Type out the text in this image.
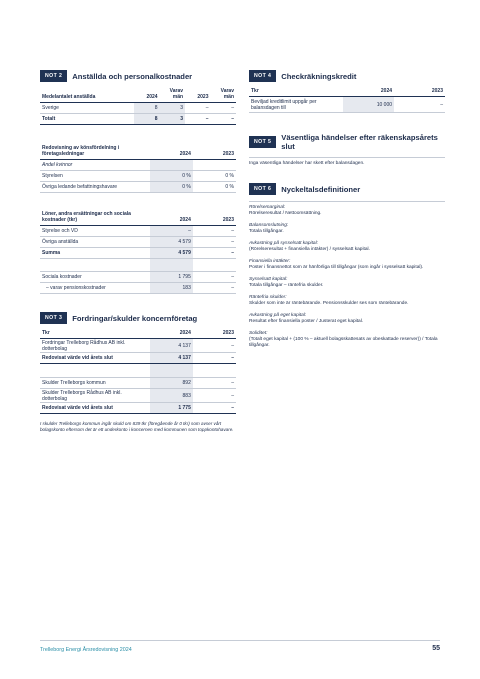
NOT 2	Anställda och personalkostnader
Medelantalet anställda	2024	Varav män	2023	Varav män
Sverige	8	3	–	–
Totalt	8	3	–	–
Redovisning av könsfördelning i företagsledningar	2024	2023
Andel kvinnor		
Styrelsen	0 %	0 %
Övriga ledande befattningshavare	0 %	0 %
Löner, andra ersättningar och sociala kostnader (tkr)	2024	2023
Styrelse och VD	–	–
Övriga anställda	4 579	–
Summa	4 579	–

Sociala kostnader	1 795	–
– varav pensionskostnader	183	–
NOT 3	Fordringar/skulder koncernföretag
Tkr	2024	2023
Fordringar Trelleborg Rådhus AB inkl. dotterbolag	4 137	–
Redovisat värde vid årets slut	4 137	–

Skulder Trelleborgs kommun	892	–
Skulder Trelleborgs Rådhus AB inkl. dotterbolag	883	–
Redovisat värde vid årets slut	1 775	–
I skulder Trelleborgs kommun ingår skuld om 839 tkr (föregående år 0 tkr) som avser vårt bolagskonto eftersom det är ett underkonto i koncernen med kommunen som toppkontohavare.
NOT 4	Checkräkningskredit
Tkr	2024	2023
Beviljad kreditlimit uppgår per balansdagen till	10 000	–
NOT 5	Väsentliga händelser efter räkenskapsårets slut
Inga väsentliga händelser har skett efter balansdagen.
NOT 6	Nyckeltalsdefinitioner
Rörelsemarginal:
Rörelseresultat / Nettoomsättning.
Balansomslutning:
Totala tillgångar.
Avkastning på sysselsatt kapital:
(Rörelseresultat + finansiella intäkter) / sysselsatt kapital.
Finansiella intäkter:
Poster i finansnettot som är hänförliga till tillgångar (som ingår i sysselsatt kapital).
Sysselsatt kapital:
Totala tillgångar – räntefria skulder.
Räntefria skulder:
Skulder som inte är räntebärande. Pensionsskulder ses som räntebärande.
Avkastning på eget kapital:
Resultat efter finansiella poster / Justerat eget kapital.
Soliditet:
(Totalt eget kapital + (100 % – aktuell bolagsskattesats av obeskattade reserver)) / Totala tillgångar.
Trelleborg Energi Årsredovisning 2024	55
